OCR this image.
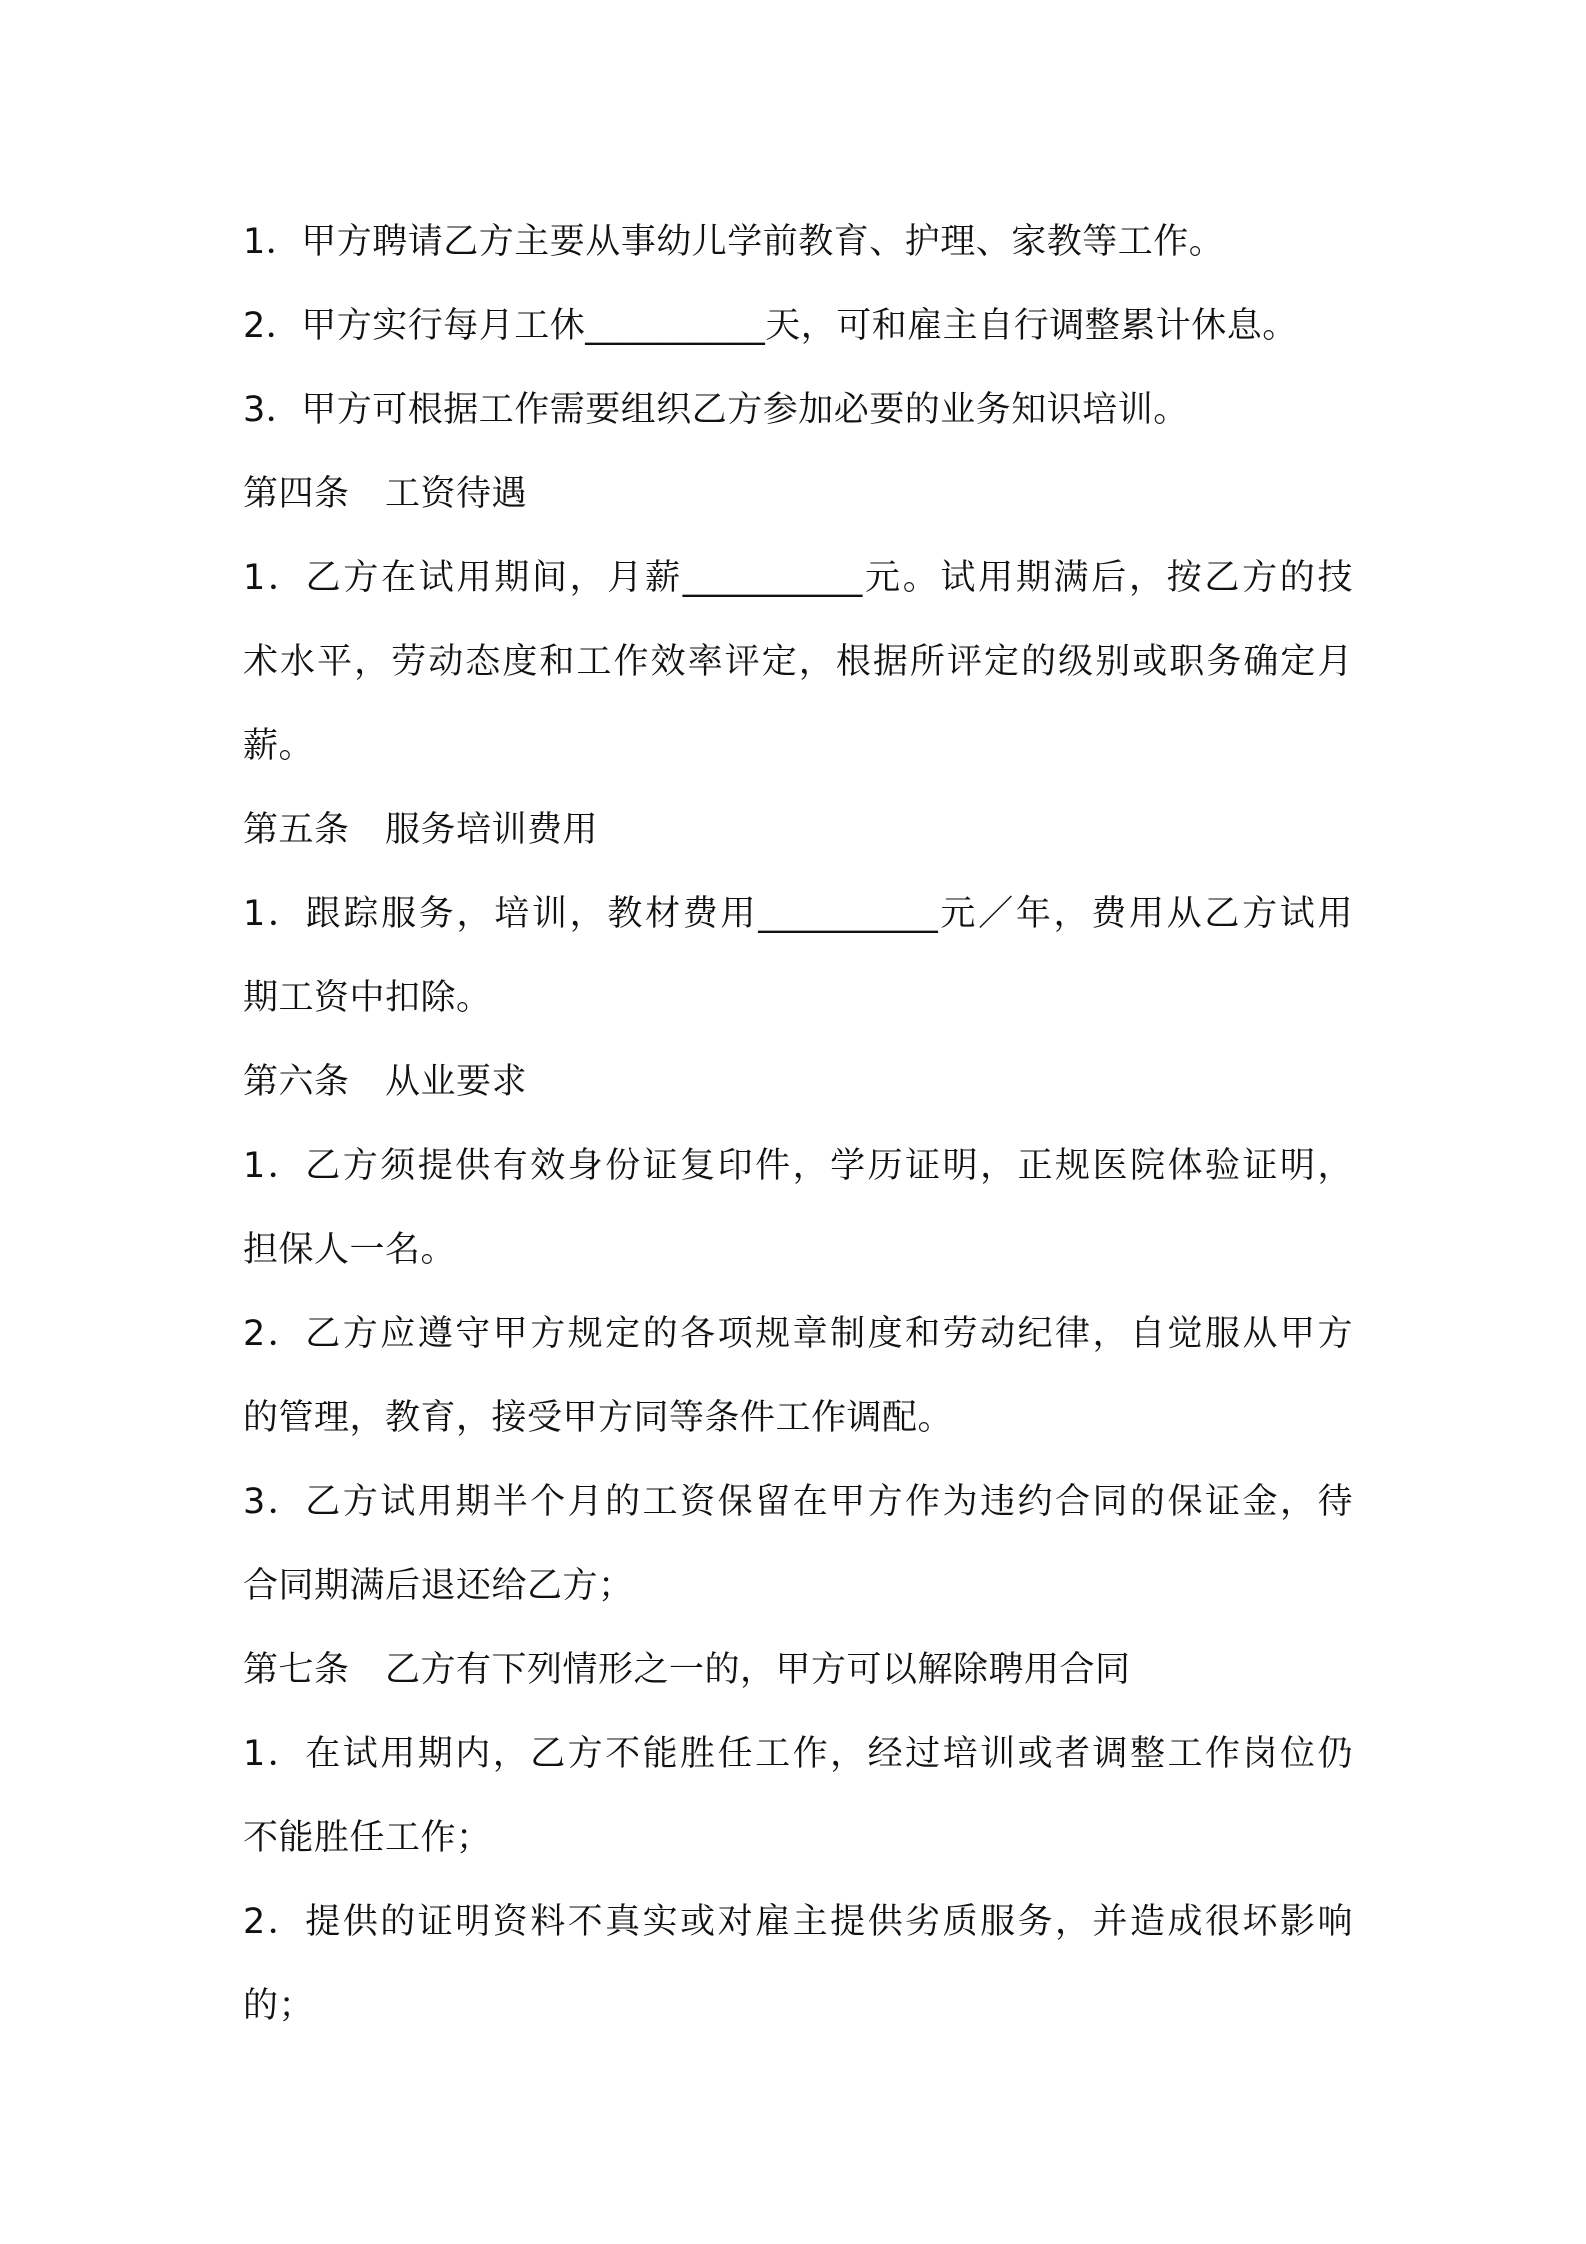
1．甲方聘请乙方主要从事幼儿学前教育、护理、家教等工作。
2．甲方实行每月工休__________天，可和雇主自行调整累计休息。
3．甲方可根据工作需要组织乙方参加必要的业务知识培训。
第四条　工资待遇
1．乙方在试用期间，月薪__________元。试用期满后，按乙方的技
术水平，劳动态度和工作效率评定，根据所评定的级别或职务确定月
薪。
第五条　服务培训费用
1．跟踪服务，培训，教材费用__________元／年，费用从乙方试用
期工资中扣除。
第六条　从业要求
1．乙方须提供有效身份证复印件，学历证明，正规医院体验证明，
担保人一名。
2．乙方应遵守甲方规定的各项规章制度和劳动纪律，自觉服从甲方
的管理，教育，接受甲方同等条件工作调配。
3．乙方试用期半个月的工资保留在甲方作为违约合同的保证金，待
合同期满后退还给乙方；
第七条　乙方有下列情形之一的，甲方可以解除聘用合同
1．在试用期内，乙方不能胜任工作，经过培训或者调整工作岗位仍
不能胜任工作；
2．提供的证明资料不真实或对雇主提供劣质服务，并造成很坏影响
的；
